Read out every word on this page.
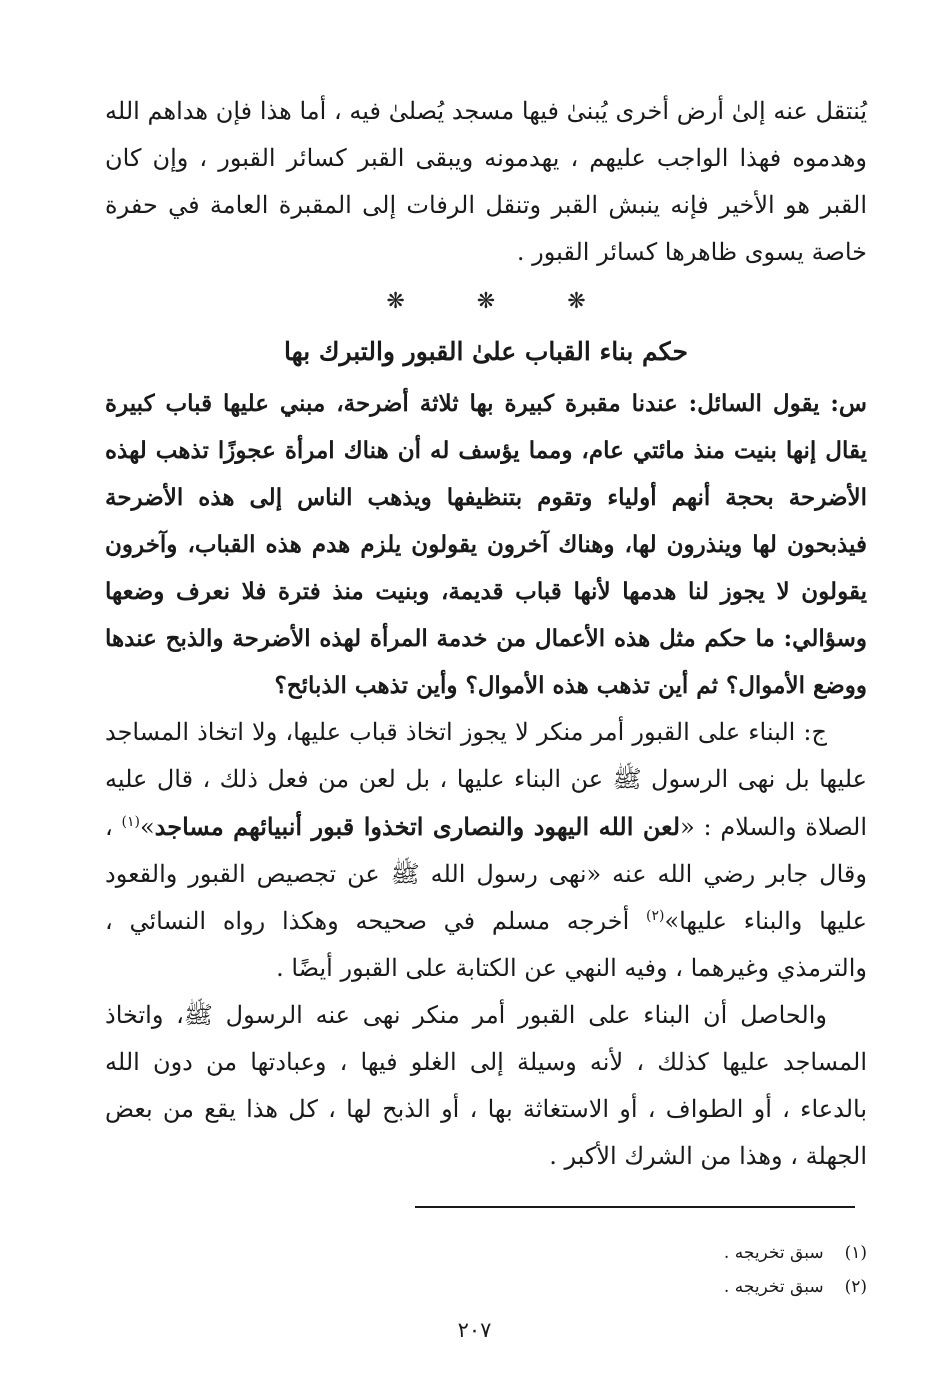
يُنتقل عنه إلىٰ أرض أخرى يُبنىٰ فيها مسجد يُصلىٰ فيه ، أما هذا فإن هداهم الله وهدموه فهذا الواجب عليهم ، يهدمونه ويبقى القبر كسائر القبور ، وإن كان القبر هو الأخير فإنه ينبش القبر وتنقل الرفات إلى المقبرة العامة في حفرة خاصة يسوى ظاهرها كسائر القبور .

❋	❋	❋
حكم بناء القباب علىٰ القبور والتبرك بها

س: يقول السائل: عندنا مقبرة كبيرة بها ثلاثة أضرحة، مبني عليها قباب كبيرة يقال إنها بنيت منذ مائتي عام، ومما يؤسف له أن هناك امرأة عجوزًا تذهب لهذه الأضرحة بحجة أنهم أولياء وتقوم بتنظيفها ويذهب الناس إلى هذه الأضرحة فيذبحون لها وينذرون لها، وهناك آخرون يقولون يلزم هدم هذه القباب، وآخرون يقولون لا يجوز لنا هدمها لأنها قباب قديمة، وبنيت منذ فترة فلا نعرف وضعها وسؤالي: ما حكم مثل هذه الأعمال من خدمة المرأة لهذه الأضرحة والذبح عندها ووضع الأموال؟ ثم أين تذهب هذه الأموال؟ وأين تذهب الذبائح؟

ج: البناء على القبور أمر منكر لا يجوز اتخاذ قباب عليها، ولا اتخاذ المساجد عليها بل نهى الرسول ﷺ عن البناء عليها ، بل لعن من فعل ذلك ، قال عليه الصلاة والسلام : «لعن الله اليهود والنصارى اتخذوا قبور أنبيائهم مساجد»$^{(١)}$ ، وقال جابر رضي الله عنه «نهى رسول الله ﷺ عن تجصيص القبور والقعود عليها والبناء عليها»$^{(٢)}$ أخرجه مسلم في صحيحه وهكذا رواه النسائي ، والترمذي وغيرهما ، وفيه النهي عن الكتابة على القبور أيضًا .

والحاصل أن البناء على القبور أمر منكر نهى عنه الرسول ﷺ، واتخاذ المساجد عليها كذلك ، لأنه وسيلة إلى الغلو فيها ، وعبادتها من دون الله بالدعاء ، أو الطواف ، أو الاستغاثة بها ، أو الذبح لها ، كل هذا يقع من بعض الجهلة ، وهذا من الشرك الأكبر .

(١) سبق تخريجه .
(٢) سبق تخريجه .
٢٠٧
